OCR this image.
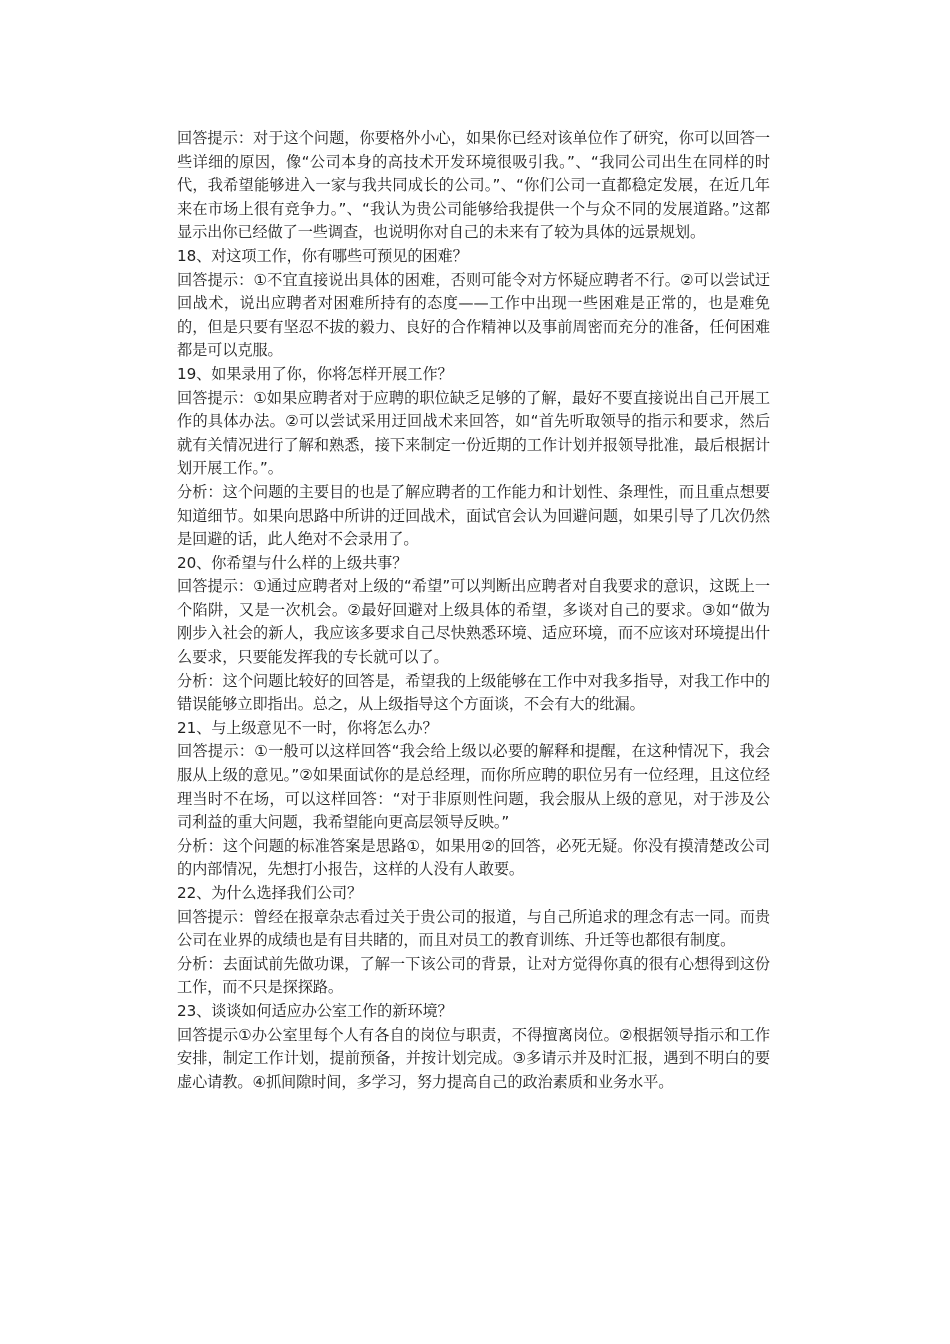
回答提示：对于这个问题，你要格外小心，如果你已经对该单位作了研究，你可以回答一些详细的原因，像“公司本身的高技术开发环境很吸引我。”、“我同公司出生在同样的时代，我希望能够进入一家与我共同成长的公司。”、“你们公司一直都稳定发展，在近几年来在市场上很有竞争力。”、“我认为贵公司能够给我提供一个与众不同的发展道路。”这都显示出你已经做了一些调查，也说明你对自己的未来有了较为具体的远景规划。

18、对这项工作，你有哪些可预见的困难？

回答提示：①不宜直接说出具体的困难，否则可能令对方怀疑应聘者不行。②可以尝试迂回战术，说出应聘者对困难所持有的态度——工作中出现一些困难是正常的，也是难免的，但是只要有坚忍不拔的毅力、良好的合作精神以及事前周密而充分的准备，任何困难都是可以克服。

19、如果录用了你，你将怎样开展工作？

回答提示：①如果应聘者对于应聘的职位缺乏足够的了解，最好不要直接说出自己开展工作的具体办法。②可以尝试采用迂回战术来回答，如“首先听取领导的指示和要求，然后就有关情况进行了解和熟悉，接下来制定一份近期的工作计划并报领导批准，最后根据计划开展工作。”。

分析：这个问题的主要目的也是了解应聘者的工作能力和计划性、条理性，而且重点想要知道细节。如果向思路中所讲的迂回战术，面试官会认为回避问题，如果引导了几次仍然是回避的话，此人绝对不会录用了。

20、你希望与什么样的上级共事？

回答提示：①通过应聘者对上级的“希望”可以判断出应聘者对自我要求的意识，这既上一个陷阱，又是一次机会。②最好回避对上级具体的希望，多谈对自己的要求。③如“做为刚步入社会的新人，我应该多要求自己尽快熟悉环境、适应环境，而不应该对环境提出什么要求，只要能发挥我的专长就可以了。

分析：这个问题比较好的回答是，希望我的上级能够在工作中对我多指导，对我工作中的错误能够立即指出。总之，从上级指导这个方面谈，不会有大的纰漏。

21、与上级意见不一时，你将怎么办？

回答提示：①一般可以这样回答“我会给上级以必要的解释和提醒，在这种情况下，我会服从上级的意见。”②如果面试你的是总经理，而你所应聘的职位另有一位经理，且这位经理当时不在场，可以这样回答：“对于非原则性问题，我会服从上级的意见，对于涉及公司利益的重大问题，我希望能向更高层领导反映。”

分析：这个问题的标准答案是思路①，如果用②的回答，必死无疑。你没有摸清楚改公司的内部情况，先想打小报告，这样的人没有人敢要。

22、为什么选择我们公司？

回答提示：曾经在报章杂志看过关于贵公司的报道，与自己所追求的理念有志一同。而贵公司在业界的成绩也是有目共睹的，而且对员工的教育训练、升迁等也都很有制度。

分析：去面试前先做功课，了解一下该公司的背景，让对方觉得你真的很有心想得到这份工作，而不只是探探路。

23、谈谈如何适应办公室工作的新环境？

回答提示①办公室里每个人有各自的岗位与职责，不得擅离岗位。②根据领导指示和工作安排，制定工作计划，提前预备，并按计划完成。③多请示并及时汇报，遇到不明白的要虚心请教。④抓间隙时间，多学习，努力提高自己的政治素质和业务水平。
